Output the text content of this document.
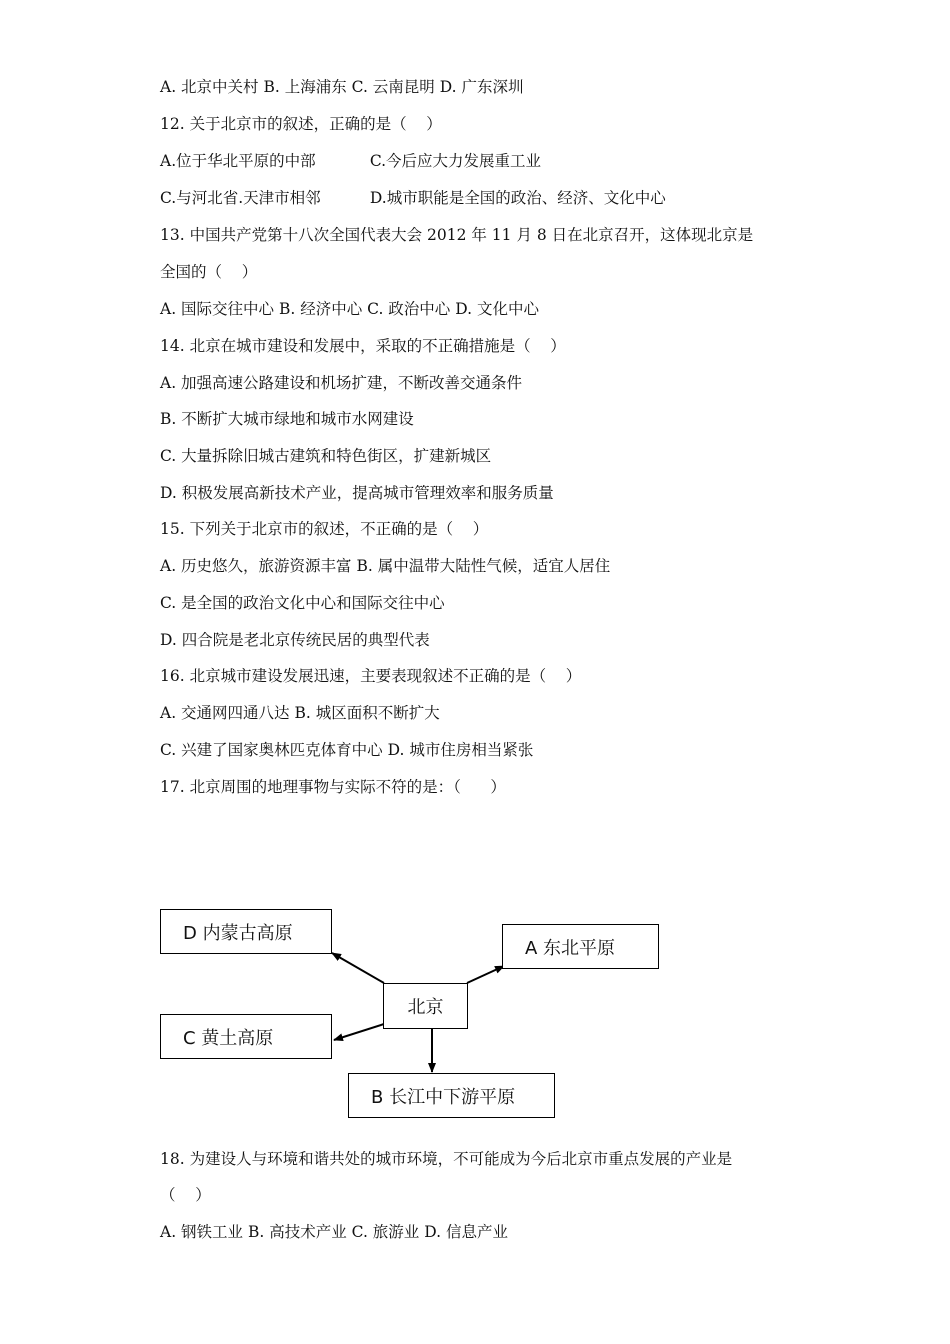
A. 北京中关村 B. 上海浦东 C. 云南昆明 D. 广东深圳
12. 关于北京市的叙述，正确的是（    ）
A.位于华北平原的中部           C.今后应大力发展重工业
C.与河北省.天津市相邻          D.城市职能是全国的政治、经济、文化中心
13. 中国共产党第十八次全国代表大会 2012 年 11 月 8 日在北京召开，这体现北京是
全国的（    ）
A. 国际交往中心 B. 经济中心 C. 政治中心 D. 文化中心
14. 北京在城市建设和发展中，采取的不正确措施是（    ）
A. 加强高速公路建设和机场扩建，不断改善交通条件
B. 不断扩大城市绿地和城市水网建设
C. 大量拆除旧城古建筑和特色街区，扩建新城区
D. 积极发展高新技术产业，提高城市管理效率和服务质量
15. 下列关于北京市的叙述，不正确的是（    ）
A. 历史悠久，旅游资源丰富 B. 属中温带大陆性气候，适宜人居住
C. 是全国的政治文化中心和国际交往中心
D. 四合院是老北京传统民居的典型代表
16. 北京城市建设发展迅速，主要表现叙述不正确的是（    ）
A. 交通网四通八达 B. 城区面积不断扩大
C. 兴建了国家奥林匹克体育中心 D. 城市住房相当紧张
17. 北京周围的地理事物与实际不符的是：（      ）
D 内蒙古高原
A 东北平原
北京
C 黄土高原
B 长江中下游平原
18. 为建设人与环境和谐共处的城市环境，不可能成为今后北京市重点发展的产业是
（    ）
A. 钢铁工业 B. 高技术产业 C. 旅游业 D. 信息产业
